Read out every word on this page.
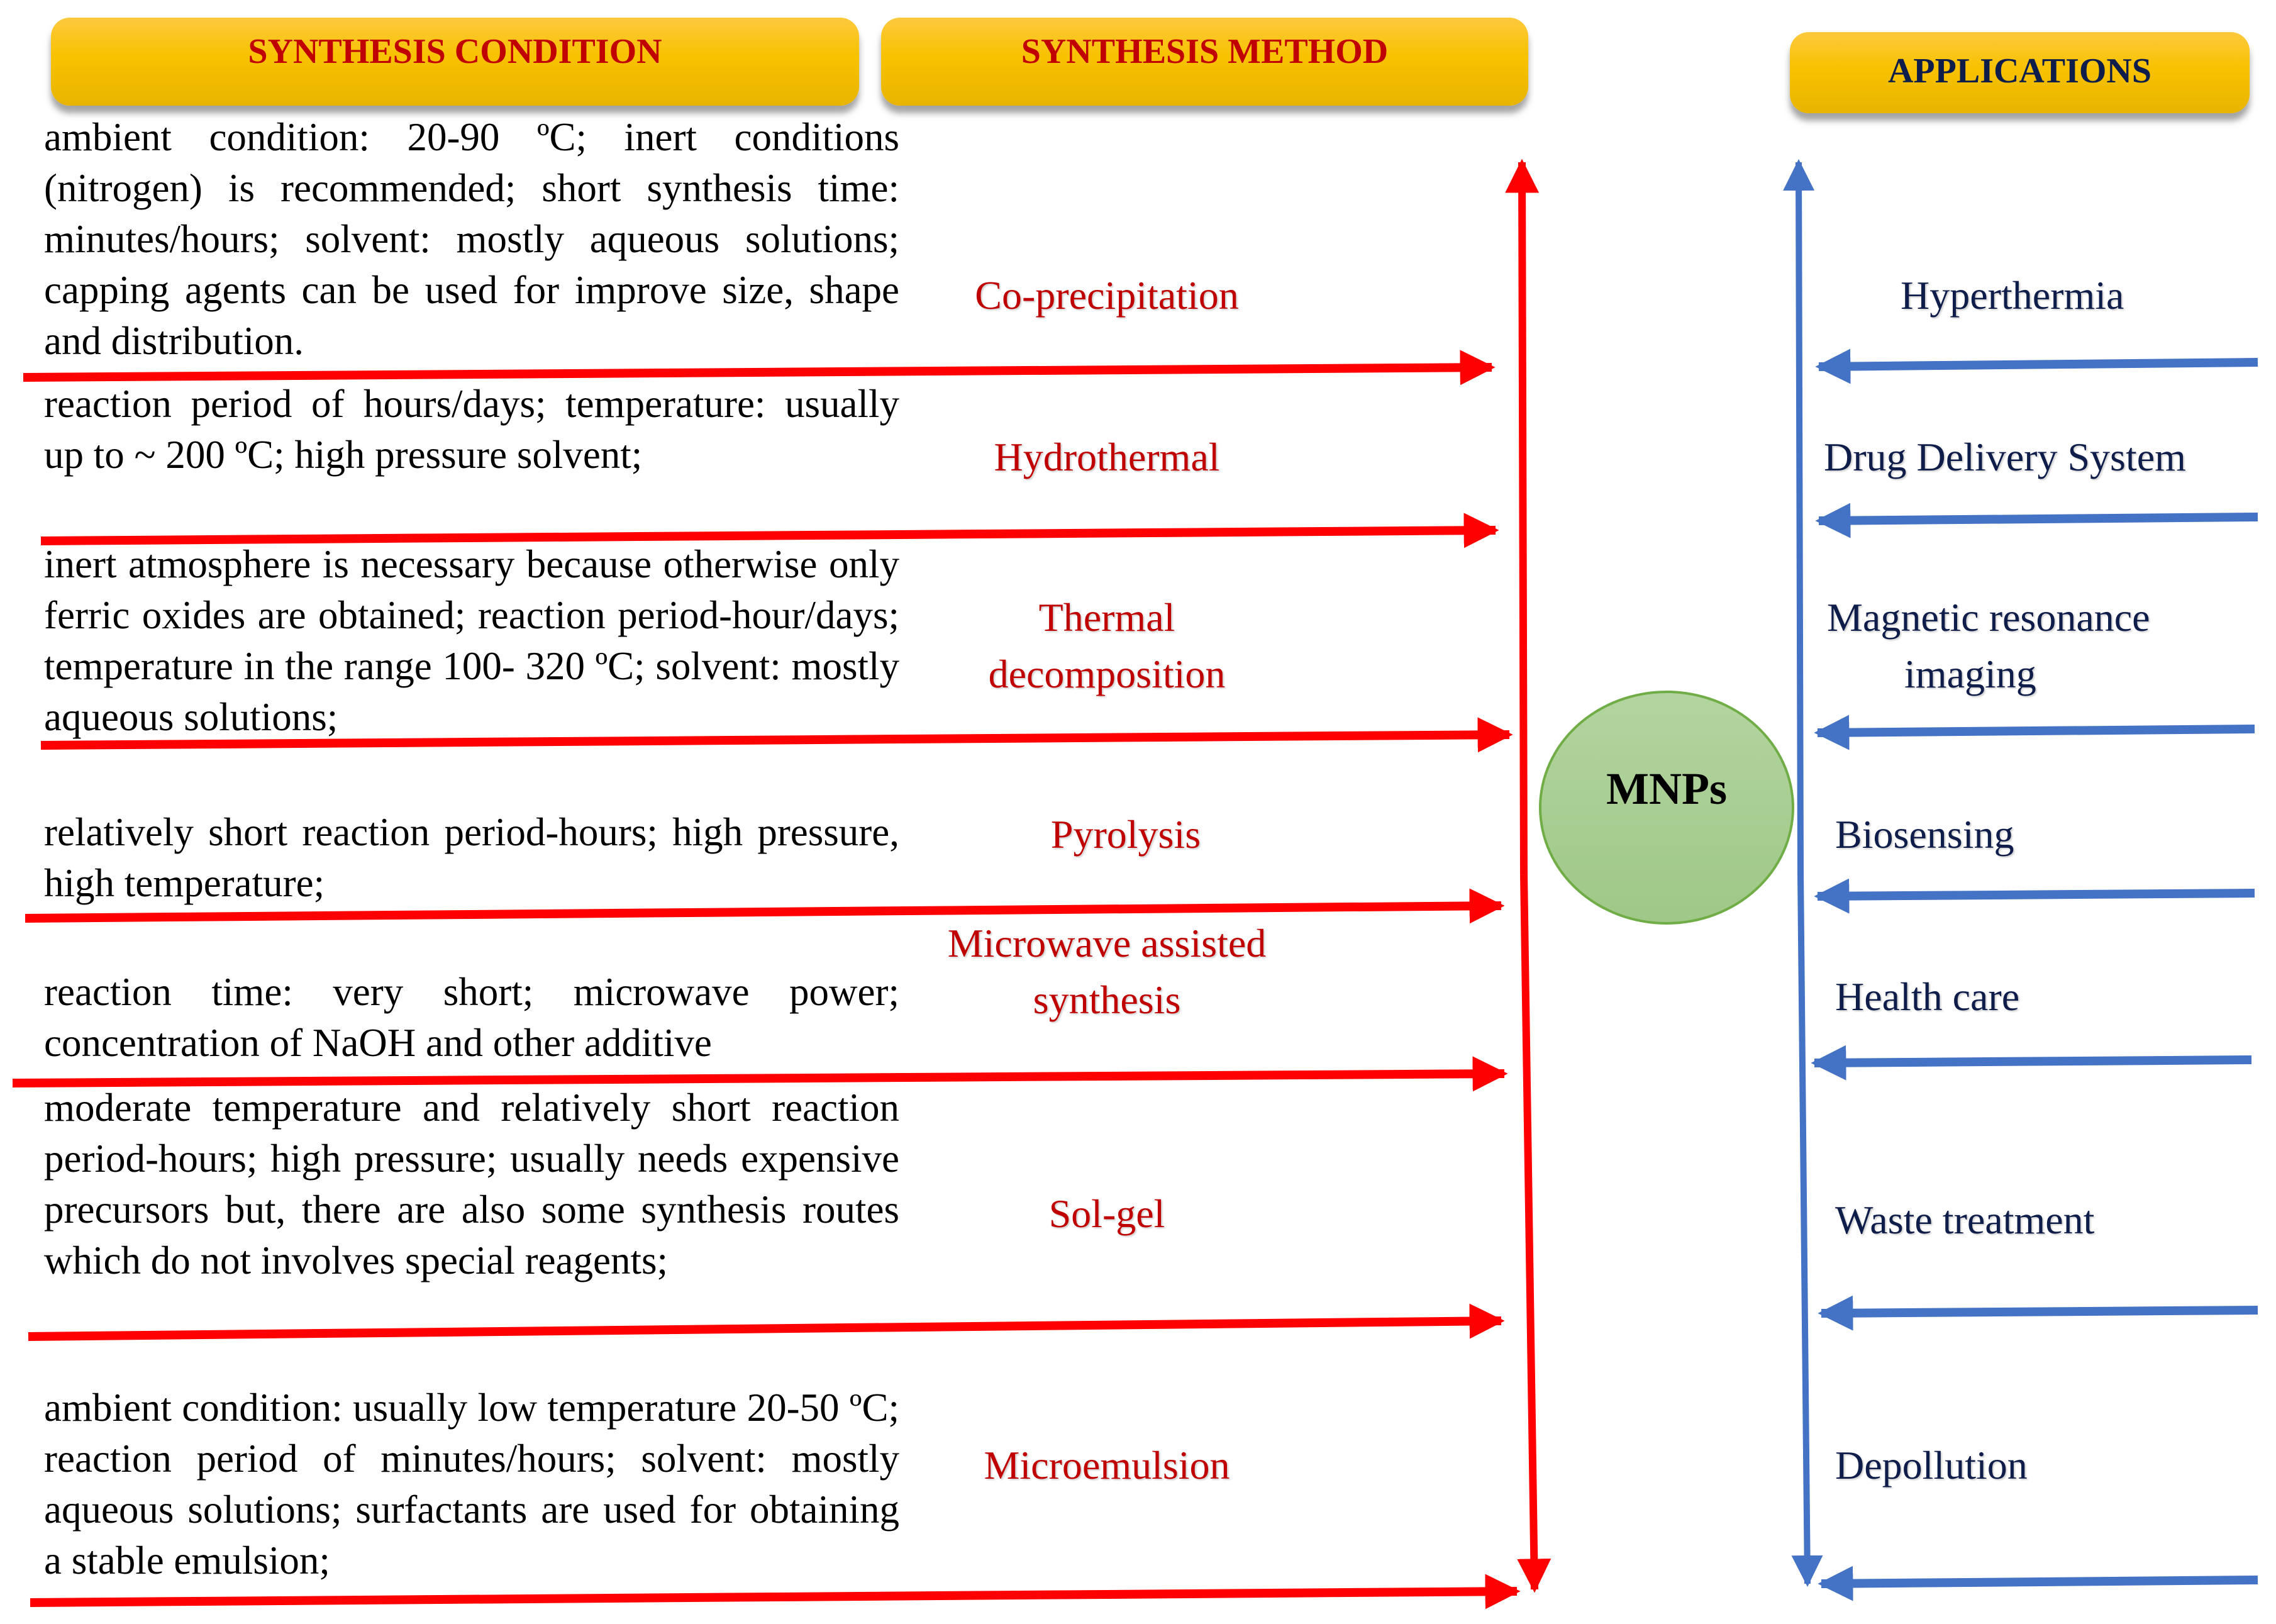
SYNTHESIS CONDITION	SYNTHESIS METHOD	APPLICATIONS
ambient condition: 20-90 ºC; inert conditions (nitrogen) is recommended; short synthesis time: minutes/hours; solvent: mostly aqueous solutions; capping agents can be used for improve size, shape and distribution.
reaction period of hours/days; temperature: usually up to ~ 200 ºC; high pressure solvent;
inert atmosphere is necessary because otherwise only ferric oxides are obtained; reaction period-hour/days; temperature in the range 100- 320 ºC; solvent: mostly aqueous solutions;
relatively short reaction period-hours; high pressure, high temperature;
reaction time: very short; microwave power; concentration of NaOH and other additive
moderate temperature and relatively short reaction period-hours; high pressure; usually needs expensive precursors but, there are also some synthesis routes which do not involves special reagents;
ambient condition: usually low temperature 20-50 ºC; reaction period of minutes/hours; solvent: mostly aqueous solutions; surfactants are used for obtaining a stable emulsion;
Co-precipitation
Hydrothermal
Thermal
decomposition
Pyrolysis
Microwave assisted
synthesis
Sol-gel
Microemulsion
MNPs
Hyperthermia
Drug Delivery System
Magnetic resonance
imaging
Biosensing
Health care
Waste treatment
Depollution
